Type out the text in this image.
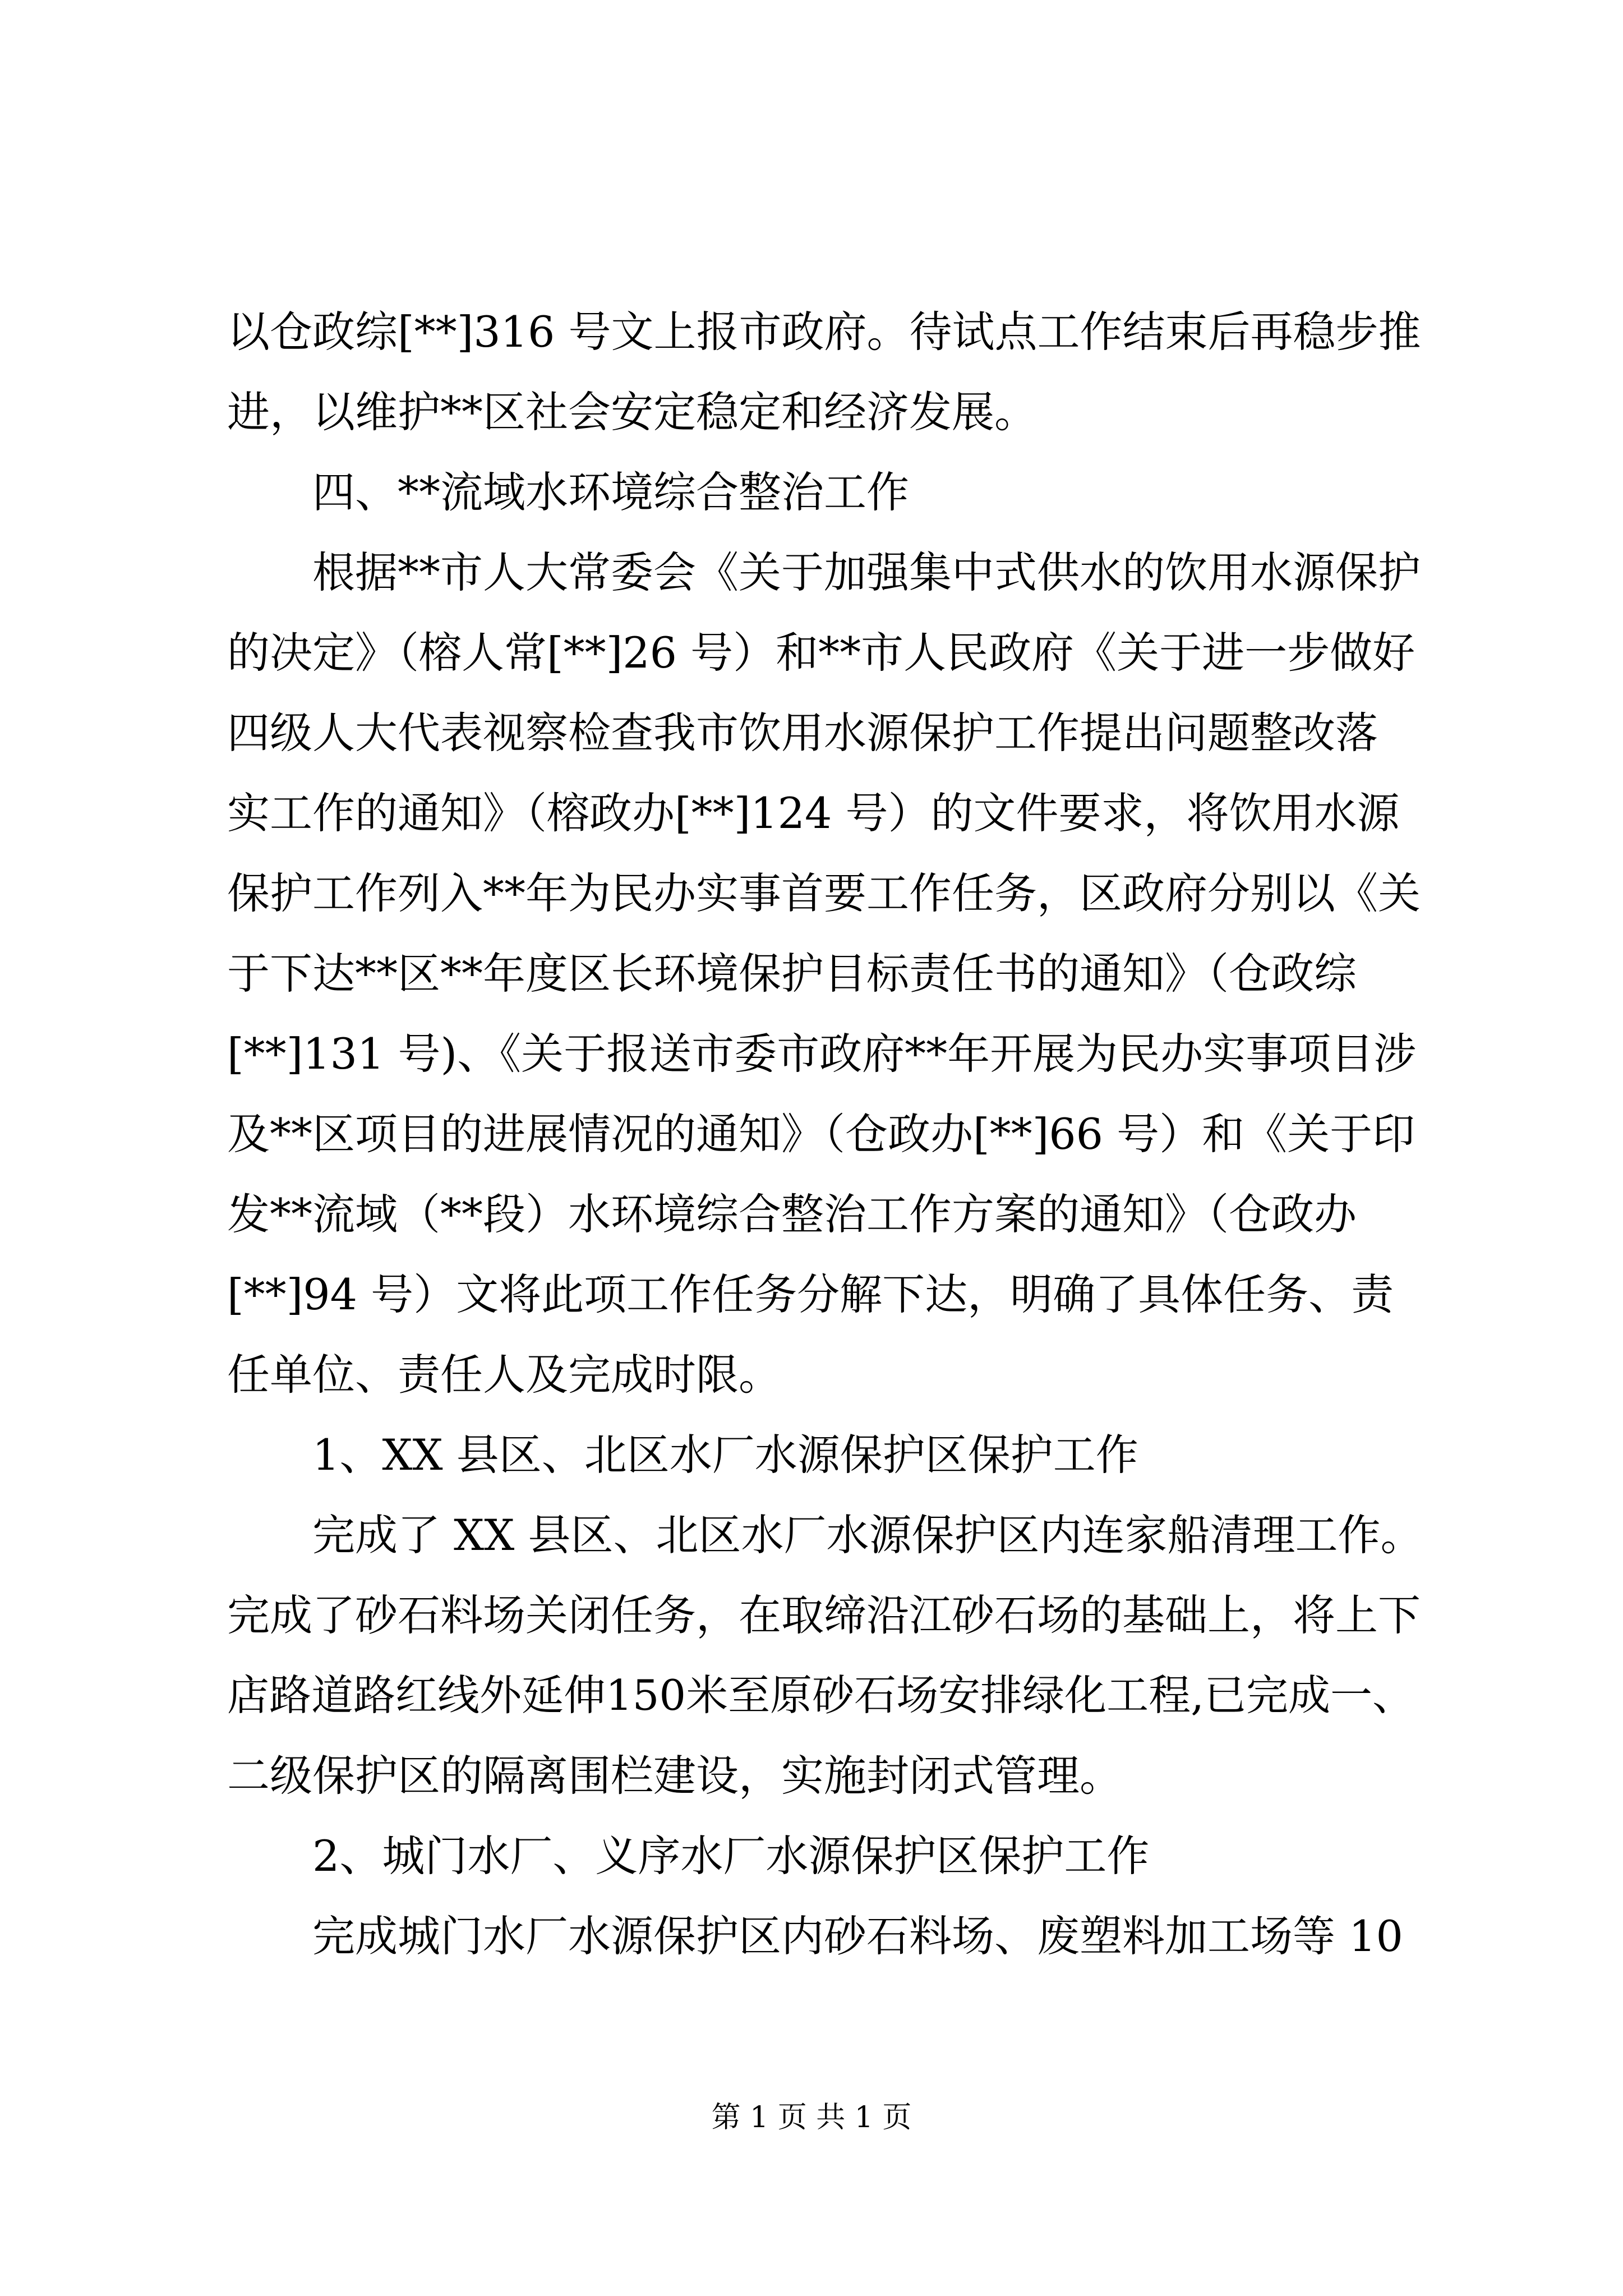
以仓政综[**]316 号文上报市政府。待试点工作结束后再稳步推
进，以维护**区社会安定稳定和经济发展。
四、**流域水环境综合整治工作
根据**市人大常委会《关于加强集中式供水的饮用水源保护
的决定》（榕人常[**]26 号）和**市人民政府《关于进一步做好
四级人大代表视察检查我市饮用水源保护工作提出问题整改落
实工作的通知》（榕政办[**]124 号）的文件要求，将饮用水源
保护工作列入**年为民办实事首要工作任务，区政府分别以《关
于下达**区**年度区长环境保护目标责任书的通知》（仓政综
[**]131 号)、《关于报送市委市政府**年开展为民办实事项目涉
及**区项目的进展情况的通知》（仓政办[**]66 号）和《关于印
发**流域（**段）水环境综合整治工作方案的通知》（仓政办
[**]94 号）文将此项工作任务分解下达，明确了具体任务、责
任单位、责任人及完成时限。
1、XX 县区、北区水厂水源保护区保护工作
完成了 XX 县区、北区水厂水源保护区内连家船清理工作。
完成了砂石料场关闭任务，在取缔沿江砂石场的基础上，将上下
店路道路红线外延伸150米至原砂石场安排绿化工程,已完成一、
二级保护区的隔离围栏建设，实施封闭式管理。
2、城门水厂、义序水厂水源保护区保护工作
完成城门水厂水源保护区内砂石料场、废塑料加工场等 10
第 1 页 共 1 页
